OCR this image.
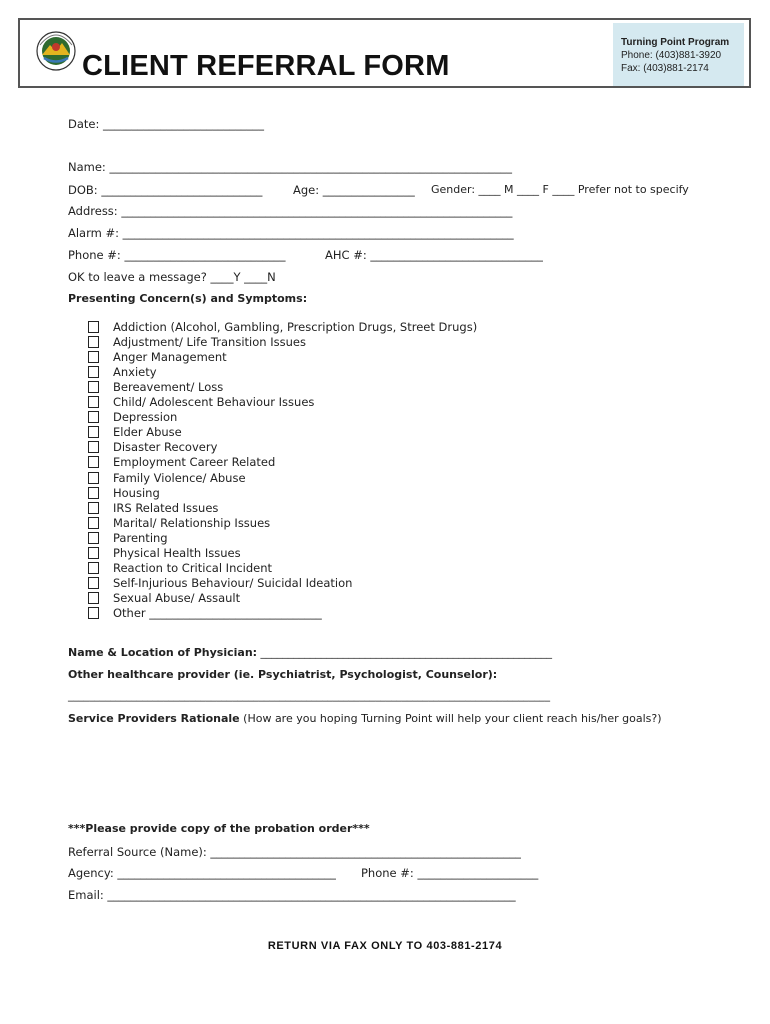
CLIENT REFERRAL FORM
Turning Point Program
Phone: (403)881-3920
Fax: (403)881-2174
Date: ____________________________
Name: ______________________________________________________________________
DOB: ____________________________	Age: ________________ Gender: ____ M ____ F ____ Prefer not to specify
Address: ____________________________________________________________________
Alarm #: ____________________________________________________________________
Phone #: ____________________________	AHC #: ______________________________
OK to leave a message? ____Y ____N
Presenting Concern(s) and Symptoms:
Addiction (Alcohol, Gambling, Prescription Drugs, Street Drugs)
Adjustment/ Life Transition Issues
Anger Management
Anxiety
Bereavement/ Loss
Child/ Adolescent Behaviour Issues
Depression
Elder Abuse
Disaster Recovery
Employment Career Related
Family Violence/ Abuse
Housing
IRS Related Issues
Marital/ Relationship Issues
Parenting
Physical Health Issues
Reaction to Critical Incident
Self-Injurious Behaviour/ Suicidal Ideation
Sexual Abuse/ Assault
Other ______________________________
Name & Location of Physician: _____________________________________________________
Other healthcare provider (ie. Psychiatrist, Psychologist, Counselor):
___________________________________________________________________________________________
Service Providers Rationale (How are you hoping Turning Point will help your client reach his/her goals?)
***Please provide copy of the probation order***
Referral Source (Name): ______________________________________________________
Agency: ______________________________________ Phone #: _____________________
Email: _______________________________________________________________________
RETURN VIA FAX ONLY TO 403-881-2174
